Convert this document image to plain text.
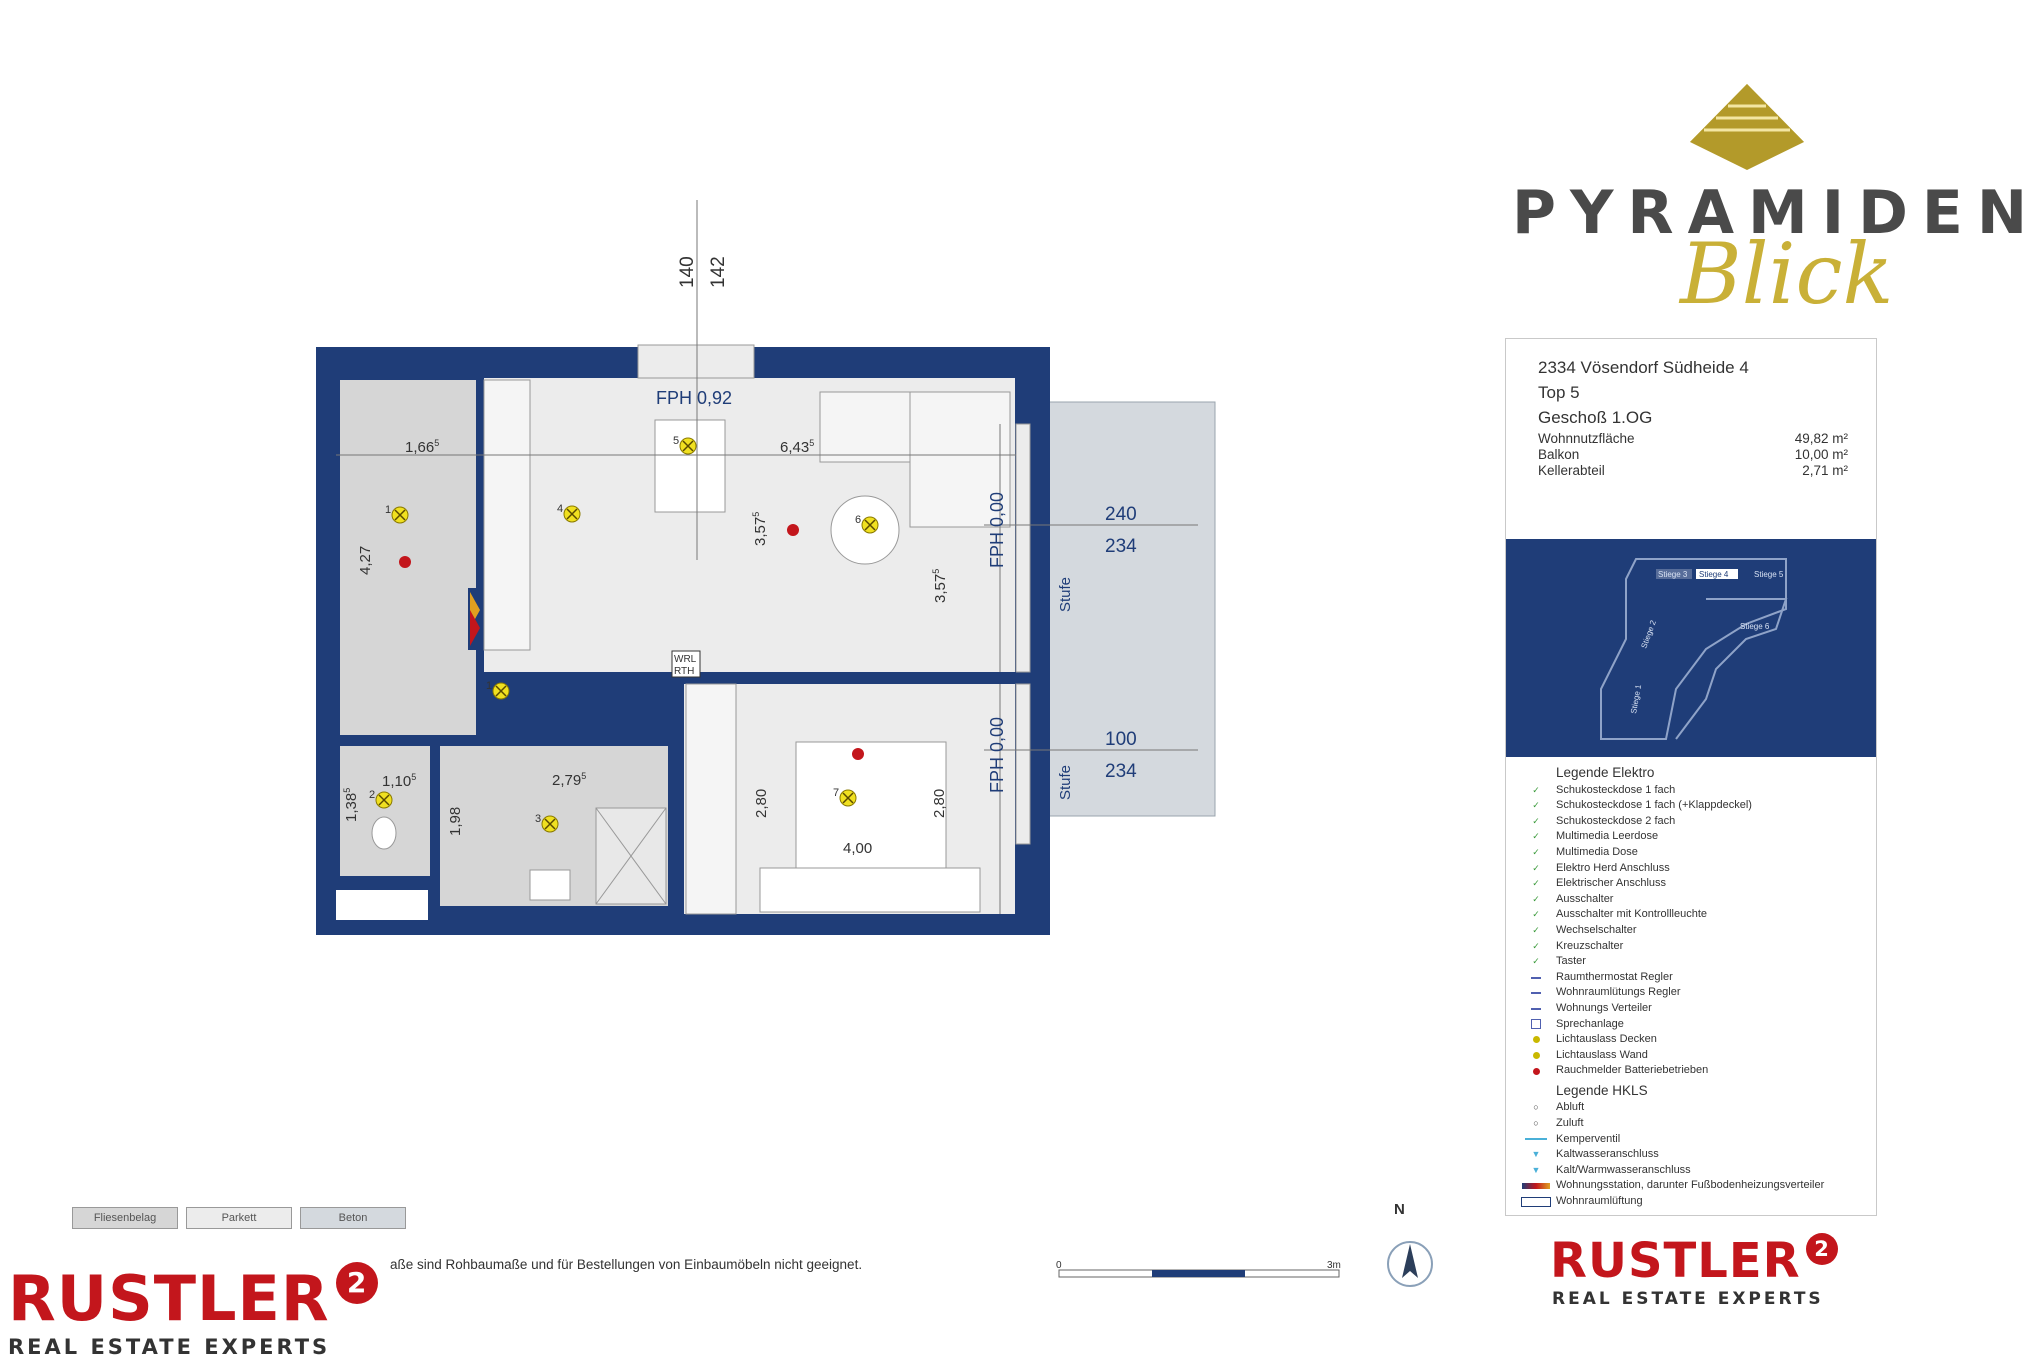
140 142
FPH 0,92
FPH 0,00
FPH 0,00
240
234
100
234
Stufe
Stufe
1,66$^5$
4,27
6,43$^5$
3,57$^5$
3,57$^5$
1,10$^5$
1,38$^5$
2,79$^5$
1,98
2,80	2,80
4,00
WRL
RTH
5
4
6
1
1
2
3
7
PYRAMIDEN
Blick
2334 Vösendorf Südheide 4
Top 5
Geschoß 1.OG
Wohnnutzfläche	49,82 m²
Balkon	10,00 m²
Kellerabteil	2,71 m²
Stiege 3 Stiege 4	Stiege 5
Stiege 2	Stiege 6
Stiege 1
Legende Elektro
✓	Schukosteckdose 1 fach
✓	Schukosteckdose 1 fach (+Klappdeckel)
✓	Schukosteckdose 2 fach
✓	Multimedia Leerdose
✓	Multimedia Dose
✓	Elektro Herd Anschluss
✓	Elektrischer Anschluss
✓	Ausschalter
✓	Ausschalter mit Kontrollleuchte
✓	Wechselschalter
✓	Kreuzschalter
✓	Taster
Raumthermostat Regler
Wohnraumlütungs Regler
Wohnungs Verteiler
Sprechanlage
Lichtauslass Decken
Lichtauslass Wand
Rauchmelder Batteriebetrieben
Legende HKLS
○ Abluft
○ Zuluft
Kemperventil
▼ Kaltwasseranschluss
▼ Kalt/Warmwasseranschluss
Wohnungsstation, darunter Fußbodenheizungsverteiler
Wohnraumlüftung
Fliesenbelag	Parkett	Beton
aße sind Rohbaumaße und für Bestellungen von Einbaumöbeln nicht geeignet.
RUSTLER 2
REAL ESTATE EXPERTS
0	3m
N
RUSTLER 2
REAL ESTATE EXPERTS
